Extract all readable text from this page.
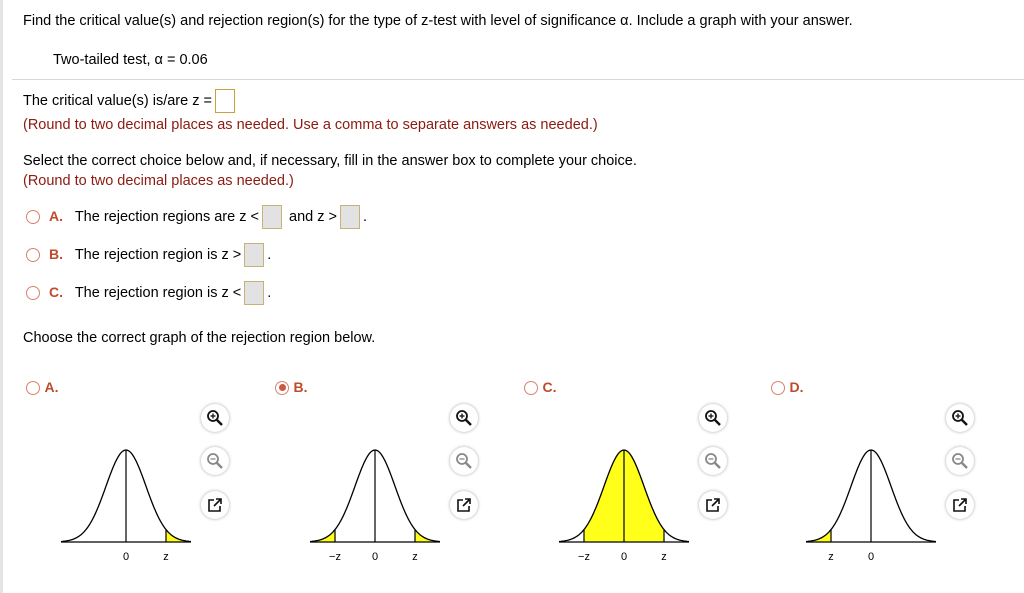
Find the critical value(s) and rejection region(s) for the type of z-test with level of significance α. Include a graph with your answer.
Two-tailed test, α = 0.06
The critical value(s) is/are z =
(Round to two decimal places as needed. Use a comma to separate answers as needed.)
Select the correct choice below and, if necessary, fill in the answer box to complete your choice.
(Round to two decimal places as needed.)
A. The rejection regions are z < and z > .
B. The rejection region is z > .
C. The rejection region is z < .
Choose the correct graph of the rejection region below.
A.
0	z
B.
−z	0	z
C.
−z	0	z
D.
z	0
